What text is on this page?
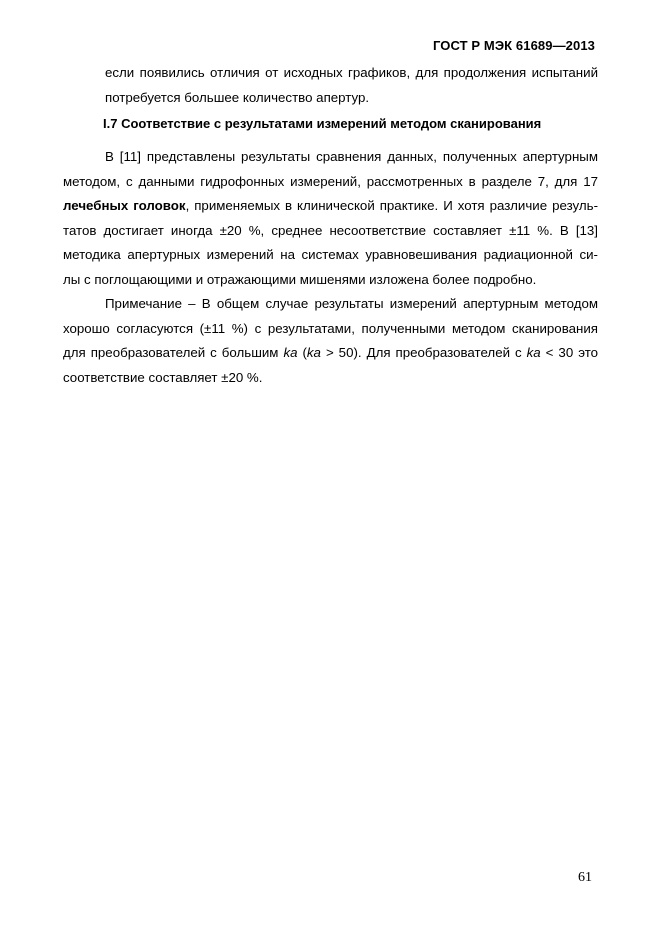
ГОСТ Р МЭК 61689—2013
если появились отличия от исходных графиков, для продолжения испытаний
потребуется большее количество апертур.
I.7 Соответствие с результатами измерений методом сканирования
В [11] представлены результаты сравнения данных, полученных апертурным
методом, с данными гидрофонных измерений, рассмотренных в разделе 7, для 17
лечебных головок, применяемых в клинической практике. И хотя различие резуль-
татов достигает иногда ±20 %, среднее несоответствие составляет ±11 %. В [13]
методика апертурных измерений на системах уравновешивания радиационной си-
лы с поглощающими и отражающими мишенями изложена более подробно.
Примечание – В общем случае результаты измерений апертурным методом
хорошо согласуются (±11 %) с результатами, полученными методом сканирования
для преобразователей с большим ka (ka > 50). Для преобразователей с ka < 30 это
соответствие составляет ±20 %.
61
